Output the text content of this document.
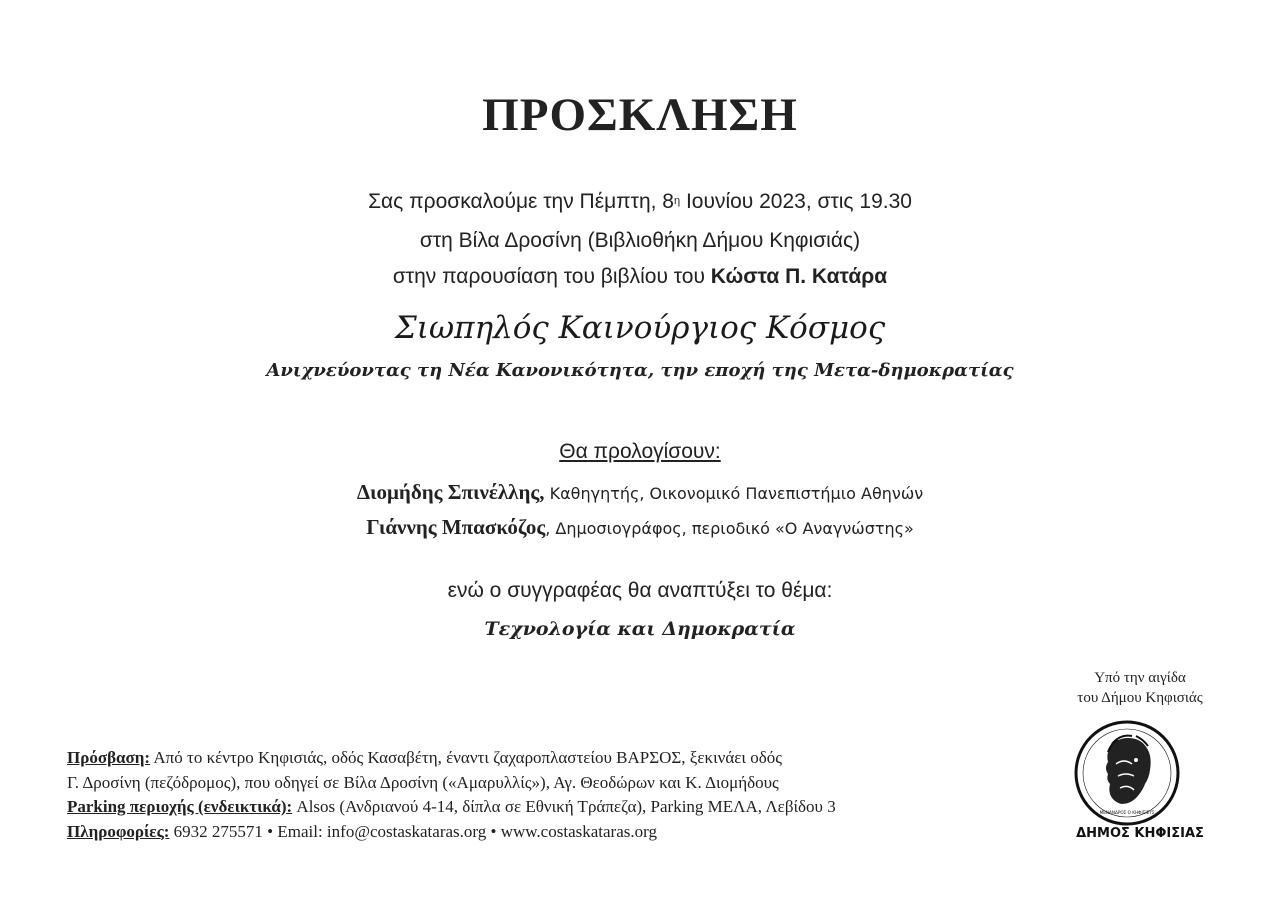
ΠΡΟΣΚΛΗΣΗ
Σας προσκαλούμε την Πέμπτη, $8^\eta$ Ιουνίου 2023, στις 19.30
στη Βίλα Δροσίνη (Βιβλιοθήκη Δήμου Κηφισιάς)
στην παρουσίαση του βιβλίου του Κώστα Π. Κατάρα
Σιωπηλός Καινούργιος Κόσμος
Ανιχνεύοντας τη Νέα Κανονικότητα, την εποχή της Μετα-δημοκρατίας
Θα προλογίσουν:
Διομήδης Σπινέλλης, Καθηγητής, Οικονομικό Πανεπιστήμιο Αθηνών
Γιάννης Μπασκόζος, Δημοσιογράφος, περιοδικό «Ο Αναγνώστης»
ενώ ο συγγραφέας θα αναπτύξει το θέμα:
Τεχνολογία και Δημοκρατία
Υπό την αιγίδα
του Δήμου Κηφισιάς
ΜΕΝΑΝΔΡΟΣ Ο ΚΗΦΙΣΙΕΥΣ
ΔΗΜΟΣ ΚΗΦΙΣΙΑΣ
Πρόσβαση: Από το κέντρο Κηφισιάς, οδός Κασαβέτη, έναντι ζαχαροπλαστείου ΒΑΡΣΟΣ, ξεκινάει οδός
Γ. Δροσίνη (πεζόδρομος), που οδηγεί σε Βίλα Δροσίνη («Αμαρυλλίς»), Αγ. Θεοδώρων και Κ. Διομήδους
Parking περιοχής (ενδεικτικά): Alsos (Ανδριανού 4-14, δίπλα σε Εθνική Τράπεζα), Parking ΜΕΛΑ, Λεβίδου 3
Πληροφορίες: 6932 275571 • Email: info@costaskataras.org • www.costaskataras.org
